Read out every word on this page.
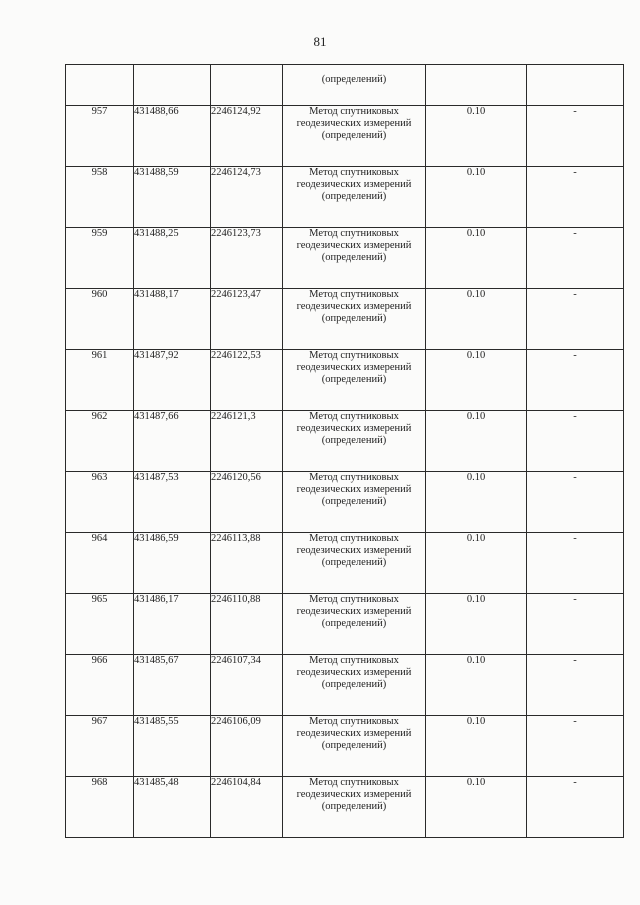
81
			(определений)		
957	431488,66	2246124,92	Метод спутниковых
геодезических измерений
(определений)	0.10	-
958	431488,59	2246124,73	Метод спутниковых
геодезических измерений
(определений)	0.10	-
959	431488,25	2246123,73	Метод спутниковых
геодезических измерений
(определений)	0.10	-
960	431488,17	2246123,47	Метод спутниковых
геодезических измерений
(определений)	0.10	-
961	431487,92	2246122,53	Метод спутниковых
геодезических измерений
(определений)	0.10	-
962	431487,66	2246121,3	Метод спутниковых
геодезических измерений
(определений)	0.10	-
963	431487,53	2246120,56	Метод спутниковых
геодезических измерений
(определений)	0.10	-
964	431486,59	2246113,88	Метод спутниковых
геодезических измерений
(определений)	0.10	-
965	431486,17	2246110,88	Метод спутниковых
геодезических измерений
(определений)	0.10	-
966	431485,67	2246107,34	Метод спутниковых
геодезических измерений
(определений)	0.10	-
967	431485,55	2246106,09	Метод спутниковых
геодезических измерений
(определений)	0.10	-
968	431485,48	2246104,84	Метод спутниковых
геодезических измерений
(определений)	0.10	-
